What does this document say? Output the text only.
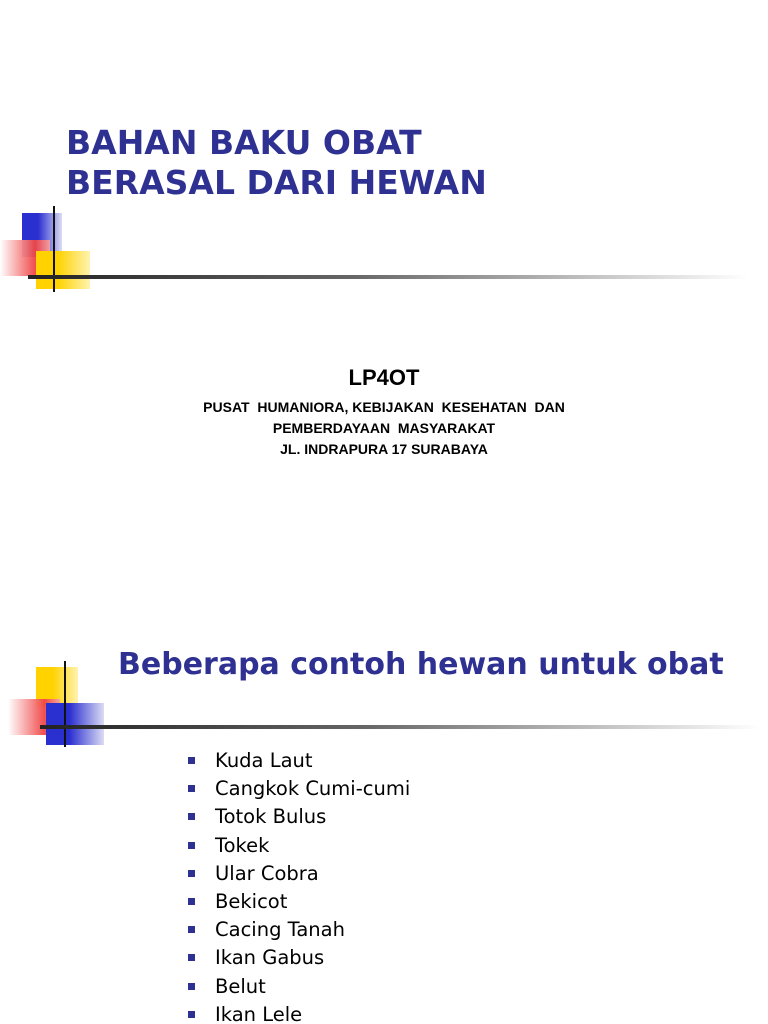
BAHAN BAKU OBAT
BERASAL DARI HEWAN

LP4OT

PUSAT  HUMANIORA, KEBIJAKAN  KESEHATAN  DAN

PEMBERDAYAAN  MASYARAKAT

JL. INDRAPURA 17 SURABAYA

Beberapa contoh hewan untuk obat
Kuda Laut
Cangkok Cumi-cumi
Totok Bulus
Tokek
Ular Cobra
Bekicot
Cacing Tanah
Ikan Gabus
Belut
Ikan Lele
